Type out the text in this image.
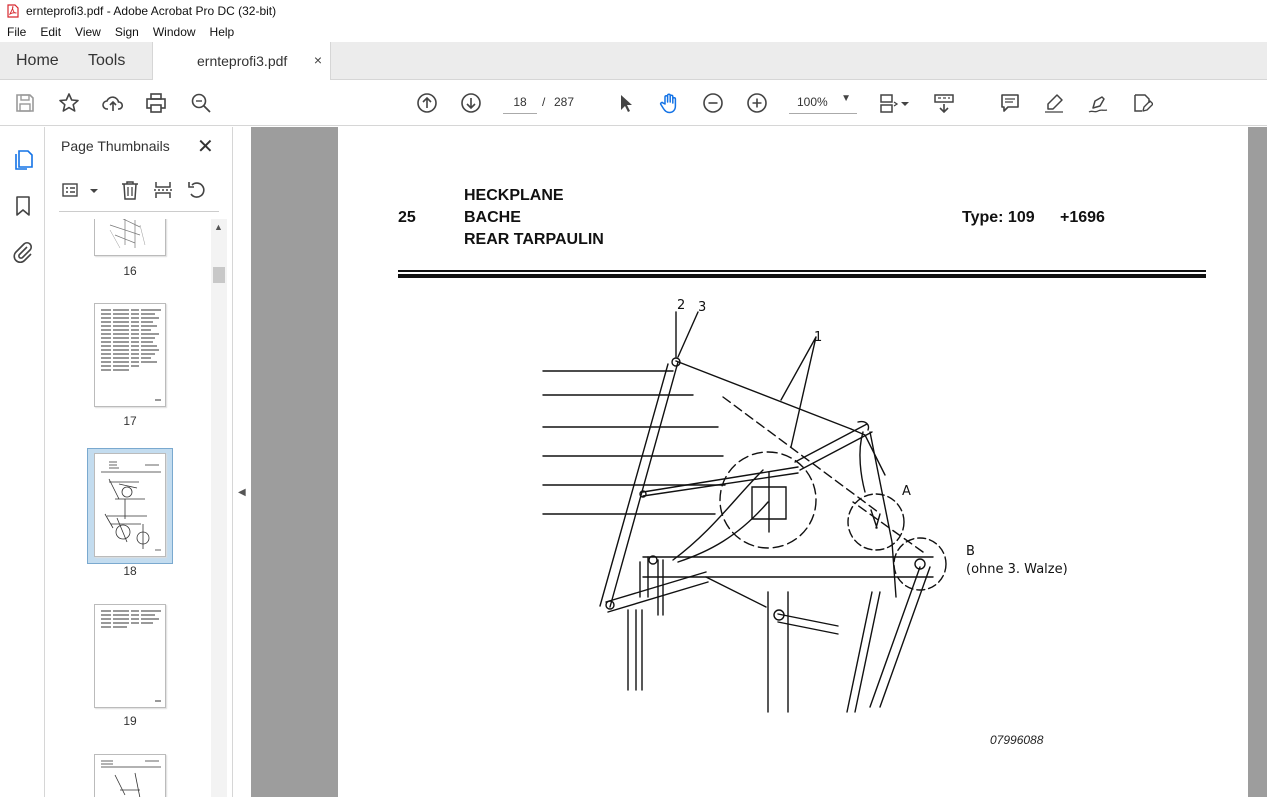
ernteprofi3.pdf - Adobe Acrobat Pro DC (32-bit)
File	Edit	View	Sign	Window	Help
Home Tools	ernteprofi3.pdf ×
18	/ 287	100% ▼
Page Thumbnails ✕
16
17
18
19
▲
◀
25
HECKPLANE
BACHE
REAR TARPAULIN
Type: 109 +1696
2 3
1
A
B
(ohne 3. Walze)
07996088
